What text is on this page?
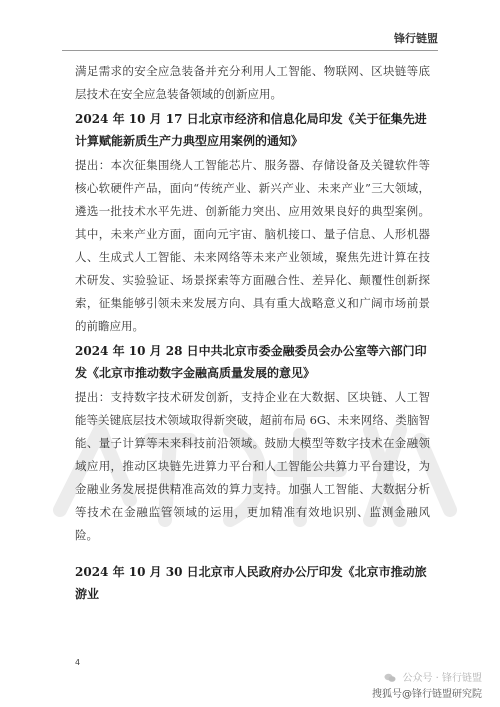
锋行链盟

满足需求的安全应急装备并充分利用人工智能、物联网、区块链等底层技术在安全应急装备领域的创新应用。

2024 年 10 月 17 日北京市经济和信息化局印发《关于征集先进计算赋能新质生产力典型应用案例的通知》

提出：本次征集围绕人工智能芯片、服务器、存储设备及关键软件等核心软硬件产品，面向“传统产业、新兴产业、未来产业”三大领域，遴选一批技术水平先进、创新能力突出、应用效果良好的典型案例。其中，未来产业方面，面向元宇宙、脑机接口、量子信息、人形机器人、生成式人工智能、未来网络等未来产业领域，聚焦先进计算在技术研发、实验验证、场景探索等方面融合性、差异化、颠覆性创新探索，征集能够引领未来发展方向、具有重大战略意义和广阔市场前景的前瞻应用。

2024 年 10 月 28 日中共北京市委金融委员会办公室等六部门印发《北京市推动数字金融高质量发展的意见》

提出：支持数字技术研发创新，支持企业在大数据、区块链、人工智能等关键底层技术领域取得新突破，超前布局 6G、未来网络、类脑智能、量子计算等未来科技前沿领域。鼓励大模型等数字技术在金融领域应用，推动区块链先进算力平台和人工智能公共算力平台建设，为金融业务发展提供精准高效的算力支持。加强人工智能、大数据分析等技术在金融监管领域的运用，更加精准有效地识别、监测金融风险。

2024 年 10 月 30 日北京市人民政府办公厅印发《北京市推动旅游业

4
公众号 · 锋行链盟
搜狐号@锋行链盟研究院
